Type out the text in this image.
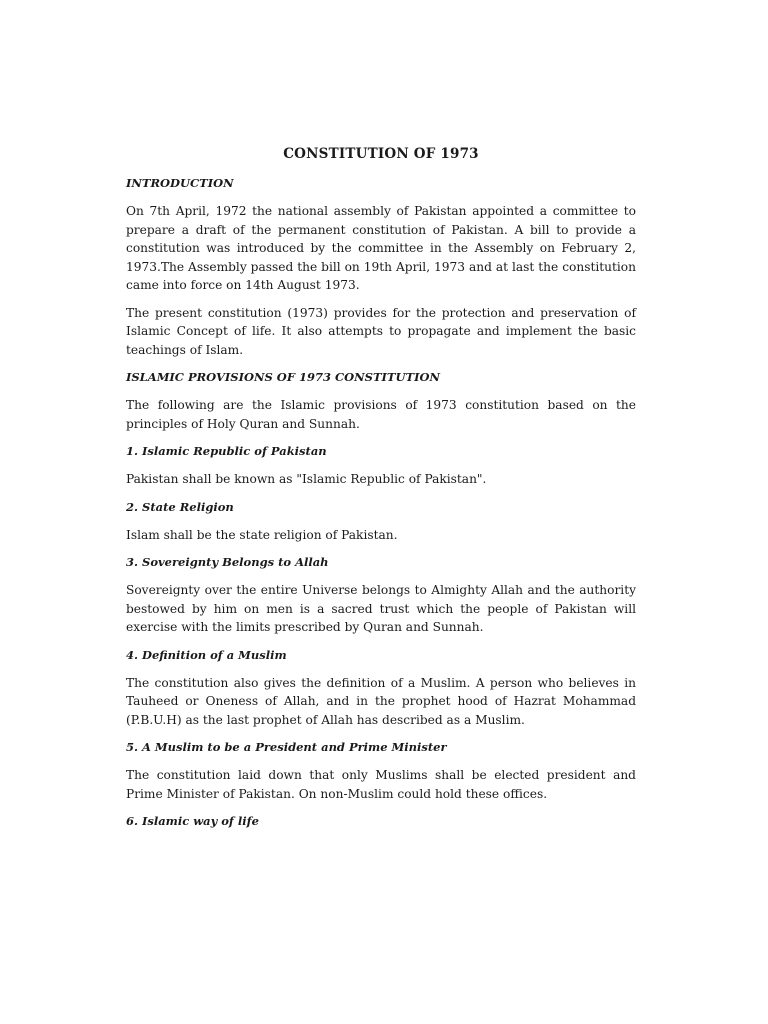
CONSTITUTION OF 1973
INTRODUCTION
On 7th April, 1972 the national assembly of Pakistan appointed a committee to prepare a draft of the permanent constitution of Pakistan. A bill to provide a constitution was introduced by the committee in the Assembly on February 2, 1973.The Assembly passed the bill on 19th April, 1973 and at last the constitution came into force on 14th August 1973.
The present constitution (1973) provides for the protection and preservation of Islamic Concept of life. It also attempts to propagate and implement the basic teachings of Islam.
ISLAMIC PROVISIONS OF 1973 CONSTITUTION
The following are the Islamic provisions of 1973 constitution based on the principles of Holy Quran and Sunnah.
1. Islamic Republic of Pakistan
Pakistan shall be known as "Islamic Republic of Pakistan".
2. State Religion
Islam shall be the state religion of Pakistan.
3. Sovereignty Belongs to Allah
Sovereignty over the entire Universe belongs to Almighty Allah and the authority bestowed by him on men is a sacred trust which the people of Pakistan will exercise with the limits prescribed by Quran and Sunnah.
4. Definition of a Muslim
The constitution also gives the definition of a Muslim. A person who believes in Tauheed or Oneness of Allah, and in the prophet hood of Hazrat Mohammad (P.B.U.H) as the last prophet of Allah has described as a Muslim.
5. A Muslim to be a President and Prime Minister
The constitution laid down that only Muslims shall be elected president and Prime Minister of Pakistan. On non-Muslim could hold these offices.
6. Islamic way of life
